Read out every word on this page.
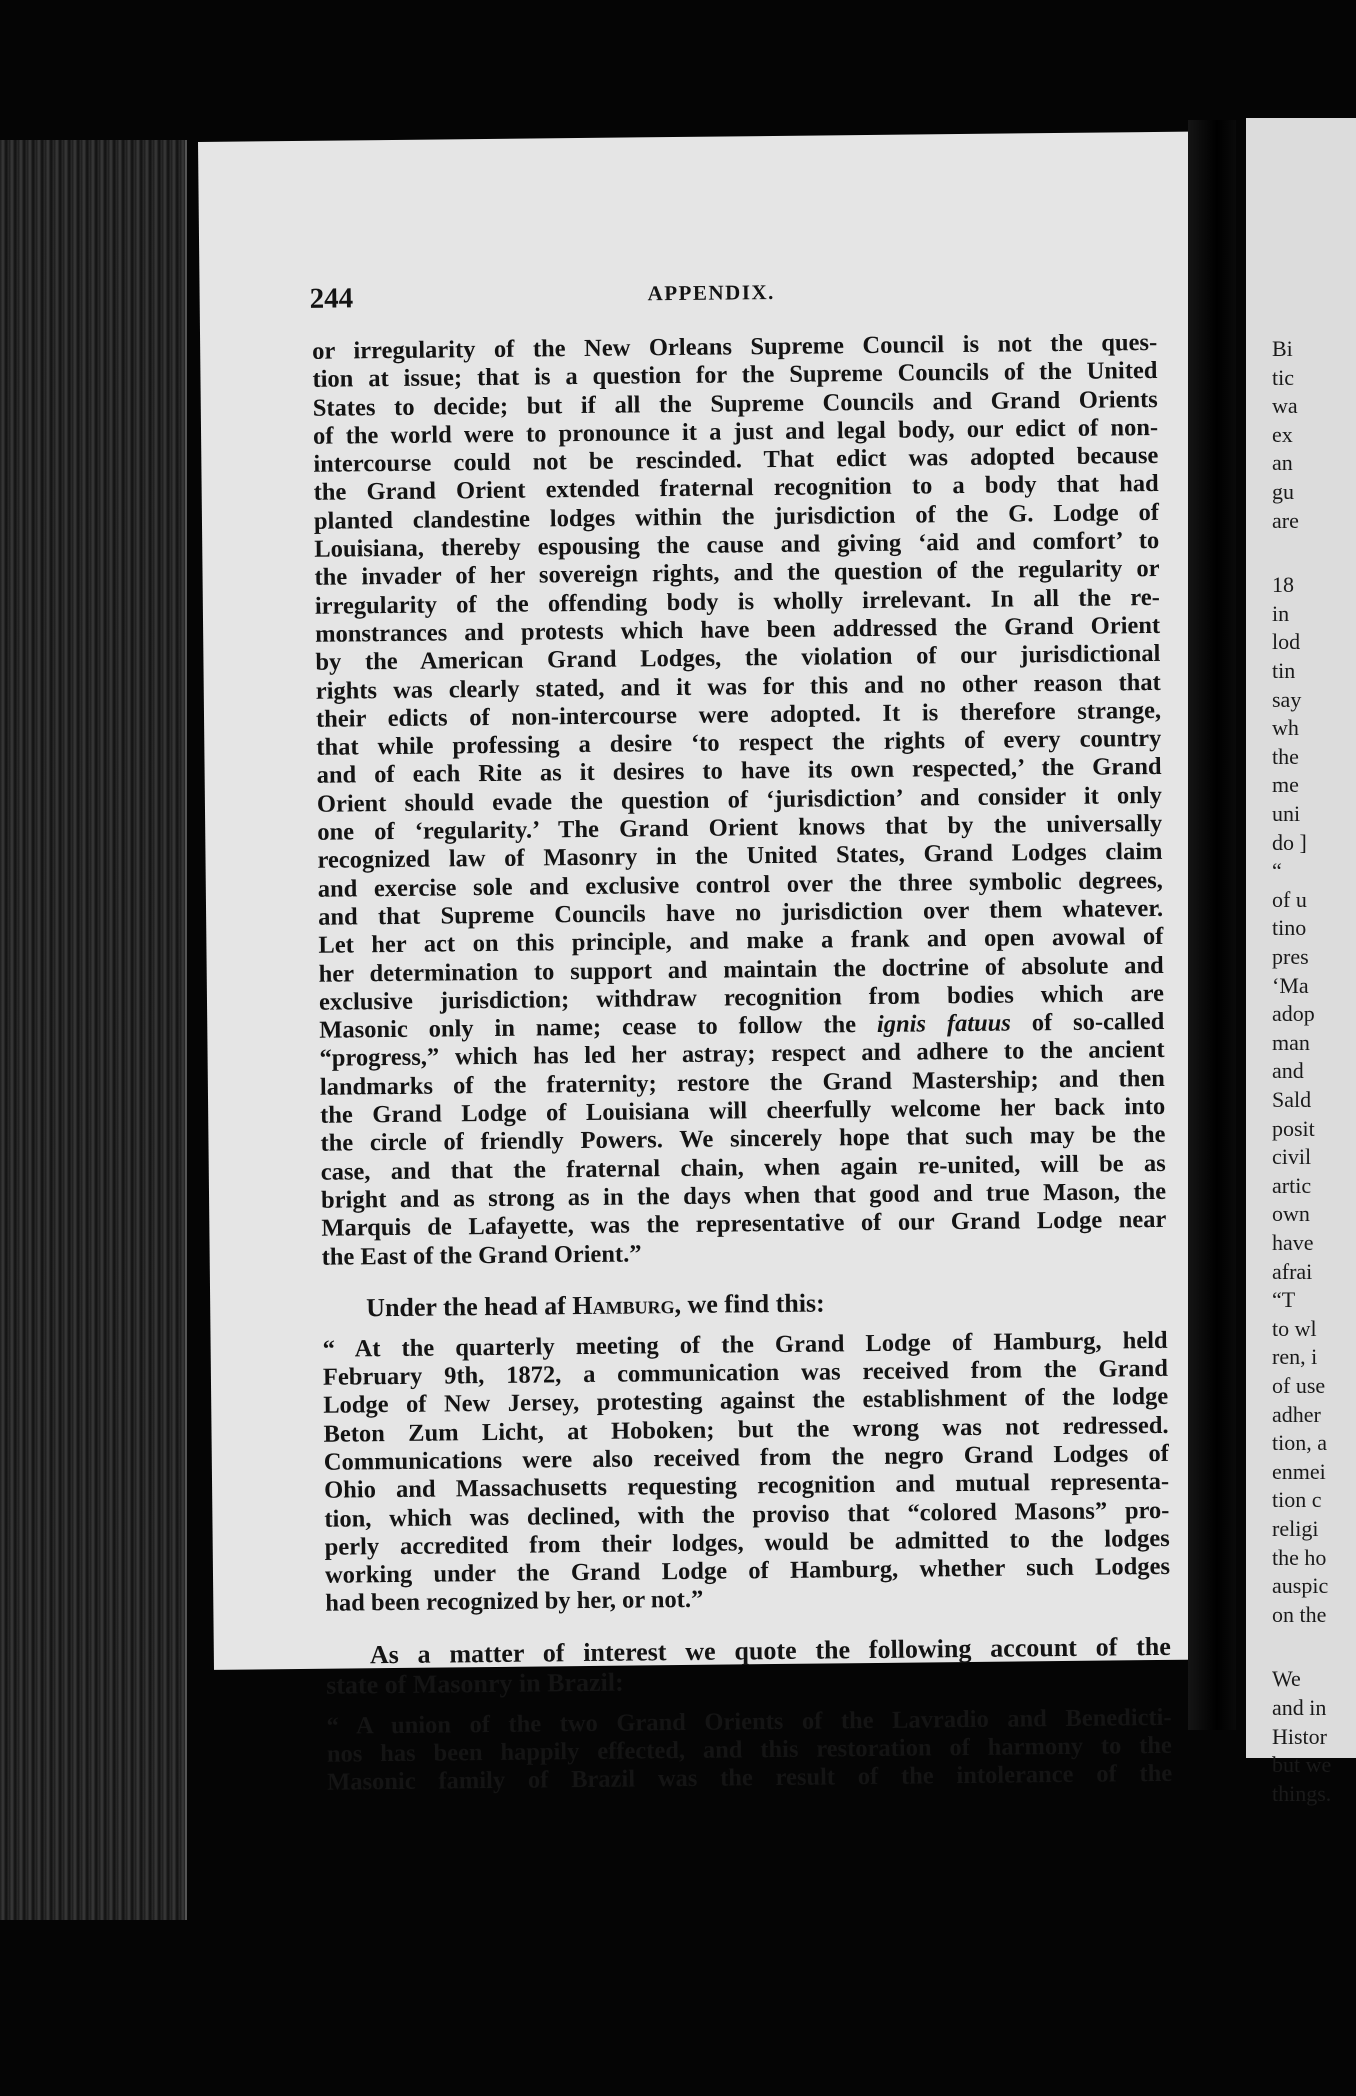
244	APPENDIX.
or irregularity of the New Orleans Supreme Council is not the ques-
tion at issue; that is a question for the Supreme Councils of the United
States to decide; but if all the Supreme Councils and Grand Orients
of the world were to pronounce it a just and legal body, our edict of non-
intercourse could not be rescinded. That edict was adopted because
the Grand Orient extended fraternal recognition to a body that had
planted clandestine lodges within the jurisdiction of the G. Lodge of
Louisiana, thereby espousing the cause and giving ‘aid and comfort’ to
the invader of her sovereign rights, and the question of the regularity or
irregularity of the offending body is wholly irrelevant. In all the re-
monstrances and protests which have been addressed the Grand Orient
by the American Grand Lodges, the violation of our jurisdictional
rights was clearly stated, and it was for this and no other reason that
their edicts of non-intercourse were adopted. It is therefore strange,
that while professing a desire ‘to respect the rights of every country
and of each Rite as it desires to have its own respected,’ the Grand
Orient should evade the question of ‘jurisdiction’ and consider it only
one of ‘regularity.’ The Grand Orient knows that by the universally
recognized law of Masonry in the United States, Grand Lodges claim
and exercise sole and exclusive control over the three symbolic degrees,
and that Supreme Councils have no jurisdiction over them whatever.
Let her act on this principle, and make a frank and open avowal of
her determination to support and maintain the doctrine of absolute and
exclusive jurisdiction; withdraw recognition from bodies which are
Masonic only in name; cease to follow the ignis fatuus of so-called
“progress,” which has led her astray; respect and adhere to the ancient
landmarks of the fraternity; restore the Grand Mastership; and then
the Grand Lodge of Louisiana will cheerfully welcome her back into
the circle of friendly Powers. We sincerely hope that such may be the
case, and that the fraternal chain, when again re-united, will be as
bright and as strong as in the days when that good and true Mason, the
Marquis de Lafayette, was the representative of our Grand Lodge near
the East of the Grand Orient.”
Under the head af Hamburg, we find this:
“ At the quarterly meeting of the Grand Lodge of Hamburg, held
February 9th, 1872, a communication was received from the Grand
Lodge of New Jersey, protesting against the establishment of the lodge
Beton Zum Licht, at Hoboken; but the wrong was not redressed.
Communications were also received from the negro Grand Lodges of
Ohio and Massachusetts requesting recognition and mutual representa-
tion, which was declined, with the proviso that “colored Masons” pro-
perly accredited from their lodges, would be admitted to the lodges
working under the Grand Lodge of Hamburg, whether such Lodges
had been recognized by her, or not.”
As a matter of interest we quote the following account of the
state of Masonry in Brazil:
“ A union of the two Grand Orients of the Lavradio and Benedicti-
nos has been happily effected, and this restoration of harmony to the
Masonic family of Brazil was the result of the intolerance of the
Bi
tic
wa
ex
an
gu
are
18
in
lod
tin
say
wh
the
me
uni
do ]
“
of u
tino
pres
‘Ma
adop
man
and
Sald
posit
civil
artic
own
have
afrai
“T
to wl
ren, i
of use
adher
tion, a
enmei
tion c
religi
the ho
auspic
on the
We
and in
Histor
but we
things.
